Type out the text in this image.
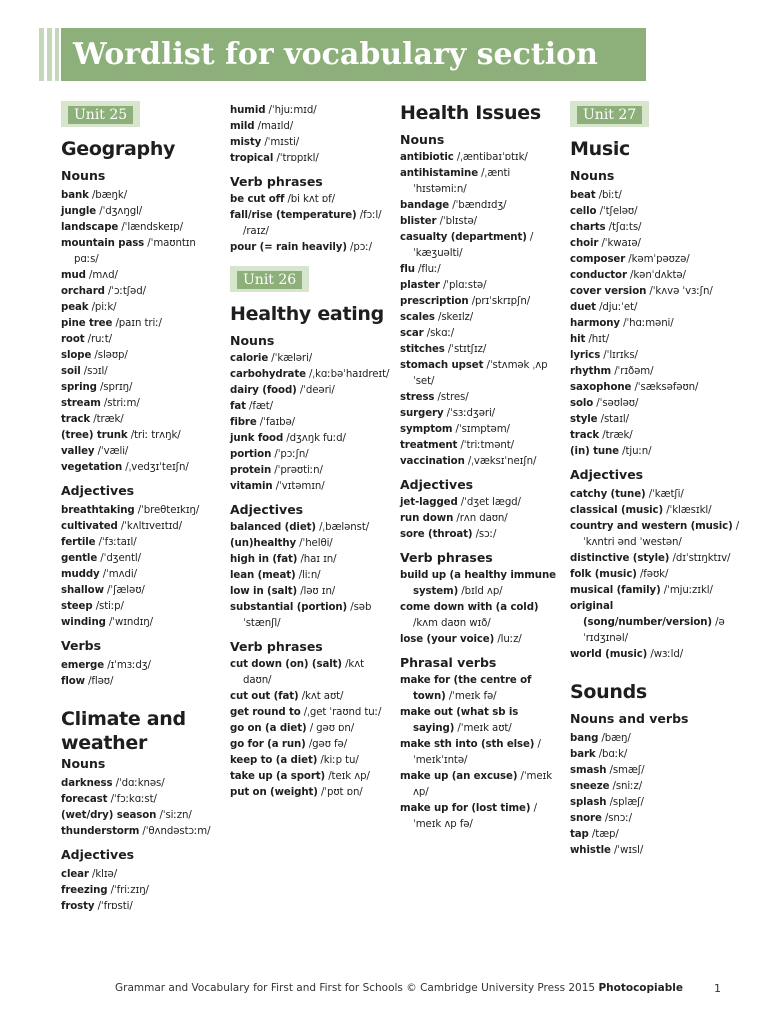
Wordlist for vocabulary section
Unit 25
Geography
Nouns
bank /bæŋk/
jungle /ˈdʒʌŋgl/
landscape /ˈlændskeɪp/
mountain pass /ˈmaʊntɪn pɑːs/
mud /mʌd/
orchard /ˈɔːtʃəd/
peak /piːk/
pine tree /paɪn triː/
root /ruːt/
slope /sləʊp/
soil /sɔɪl/
spring /sprɪŋ/
stream /striːm/
track /træk/
(tree) trunk /triː trʌŋk/
valley /ˈvæli/
vegetation /ˌvedʒɪˈteɪʃn/
Adjectives
breathtaking /ˈbreθteɪkɪŋ/
cultivated /ˈkʌltɪveɪtɪd/
fertile /ˈfɜːtaɪl/
gentle /ˈdʒentl/
muddy /ˈmʌdi/
shallow /ˈʃæləʊ/
steep /stiːp/
winding /ˈwɪndɪŋ/
Verbs
emerge /ɪˈmɜːdʒ/
flow /fləʊ/
Climate and weather
Nouns
darkness /ˈdɑːknəs/
forecast /ˈfɔːkɑːst/
(wet/dry) season /ˈsiːzn/
thunderstorm /ˈθʌndəstɔːm/
Adjectives
clear /klɪə/
freezing /ˈfriːzɪŋ/
frosty /ˈfrɒsti/
humid /ˈhjuːmɪd/
mild /maɪld/
misty /ˈmɪsti/
tropical /ˈtrɒpɪkl/
Verb phrases
be cut off /bi kʌt ɒf/
fall/rise (temperature) /fɔːl/ /raɪz/
pour (= rain heavily) /pɔː/
Unit 26
Healthy eating
Nouns
calorie /ˈkæləri/
carbohydrate /ˌkɑːbəˈhaɪdreɪt/
dairy (food) /ˈdeəri/
fat /fæt/
fibre /ˈfaɪbə/
junk food /dʒʌŋk fuːd/
portion /ˈpɔːʃn/
protein /ˈprəʊtiːn/
vitamin /ˈvɪtəmɪn/
Adjectives
balanced (diet) /ˌbælənst/
(un)healthy /ˈhelθi/
high in (fat) /haɪ ɪn/
lean (meat) /liːn/
low in (salt) /ləʊ ɪn/
substantial (portion) /səbˈstænʃl/
Verb phrases
cut down (on) (salt) /kʌt daʊn/
cut out (fat) /kʌt aʊt/
get round to /ˌget ˈraʊnd tuː/
go on (a diet) / gəʊ ɒn/
go for (a run) /gəʊ fə/
keep to (a diet) /kiːp tu/
take up (a sport) /teɪk ʌp/
put on (weight) /ˈpʊt ɒn/
Health Issues
Nouns
antibiotic /ˌæntibaɪˈɒtɪk/
antihistamine /ˌæntiˈhɪstəmiːn/
bandage /ˈbændɪdʒ/
blister /ˈblɪstə/
casualty (department) /ˈkæʒuəlti/
flu /fluː/
plaster /ˈplɑːstə/
prescription /prɪˈskrɪpʃn/
scales /skeɪlz/
scar /skɑː/
stitches /ˈstɪtʃɪz/
stomach upset /ˈstʌmək ˌʌpˈset/
stress /stres/
surgery /ˈsɜːdʒəri/
symptom /ˈsɪmptəm/
treatment /ˈtriːtmənt/
vaccination /ˌvæksɪˈneɪʃn/
Adjectives
jet-lagged /ˈdʒet lægd/
run down /rʌn daʊn/
sore (throat) /sɔː/
Verb phrases
build up (a healthy immune system) /bɪld ʌp/
come down with (a cold) /kʌm daʊn wɪð/
lose (your voice) /luːz/
Phrasal verbs
make for (the centre of town) /ˈmeɪk fə/
make out (what sb is saying) /ˈmeɪk aʊt/
make sth into (sth else) /ˈmeɪkˈɪntə/
make up (an excuse) /ˈmeɪk ʌp/
make up for (lost time) /ˈmeɪk ʌp fə/
Unit 27
Music
Nouns
beat /biːt/
cello /ˈtʃeləʊ/
charts /tʃɑːts/
choir /ˈkwaɪə/
composer /kəmˈpəʊzə/
conductor /kənˈdʌktə/
cover version /ˈkʌvə ˈvɜːʃn/
duet /djuːˈet/
harmony /ˈhɑːməni/
hit /hɪt/
lyrics /ˈlɪrɪks/
rhythm /ˈrɪðəm/
saxophone /ˈsæksəfəʊn/
solo /ˈsəʊləʊ/
style /staɪl/
track /træk/
(in) tune /tjuːn/
Adjectives
catchy (tune) /ˈkætʃi/
classical (music) /ˈklæsɪkl/
country and western (music) /ˈkʌntri ənd ˈwestən/
distinctive (style) /dɪˈstɪŋktɪv/
folk (music) /fəʊk/
musical (family) /ˈmjuːzɪkl/
original (song/number/version) /əˈrɪdʒɪnəl/
world (music) /wɜːld/
Sounds
Nouns and verbs
bang /bæŋ/
bark /bɑːk/
smash /smæʃ/
sneeze /sniːz/
splash /splæʃ/
snore /snɔː/
tap /tæp/
whistle /ˈwɪsl/
Grammar and Vocabulary for First and First for Schools © Cambridge University Press 2015 Photocopiable	1
